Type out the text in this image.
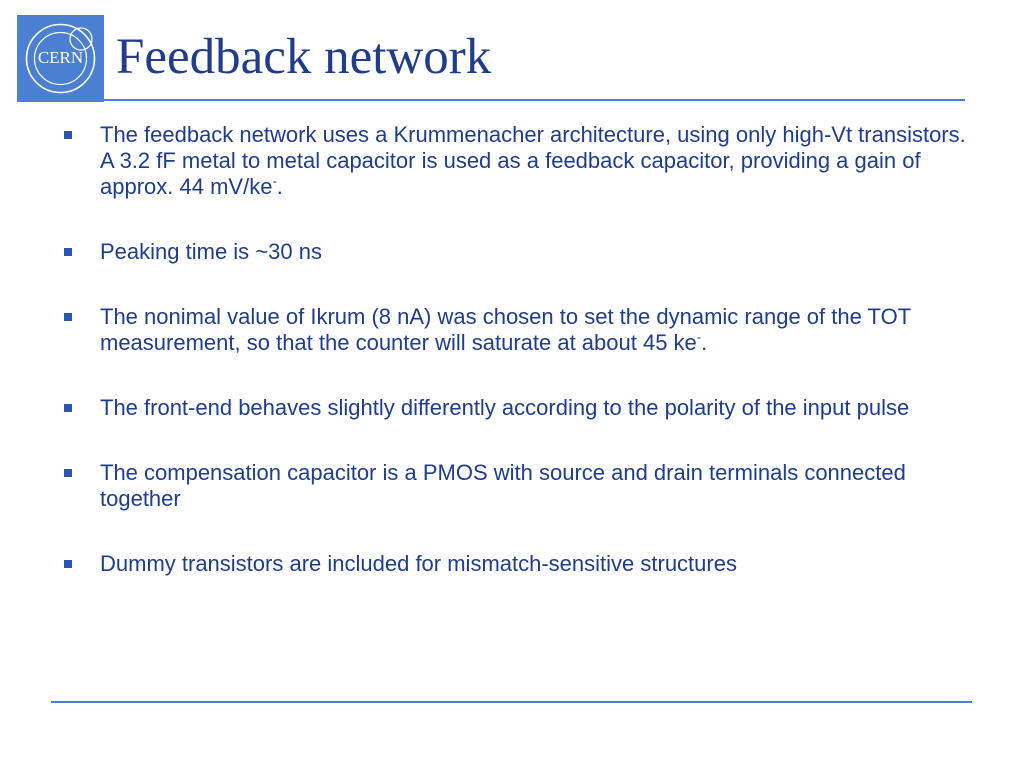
CERN Feedback network
The feedback network uses a Krummenacher architecture, using only high-Vt transistors. A 3.2 fF metal to metal capacitor is used as a feedback capacitor, providing a gain of approx. 44 mV/ke-.
Peaking time is ~30 ns
The nonimal value of Ikrum (8 nA) was chosen to set the dynamic range of the TOT measurement, so that the counter will saturate at about 45 ke-.
The front-end behaves slightly differently according to the polarity of the input pulse
The compensation capacitor is a PMOS with source and drain terminals connected together
Dummy transistors are included for mismatch-sensitive structures
